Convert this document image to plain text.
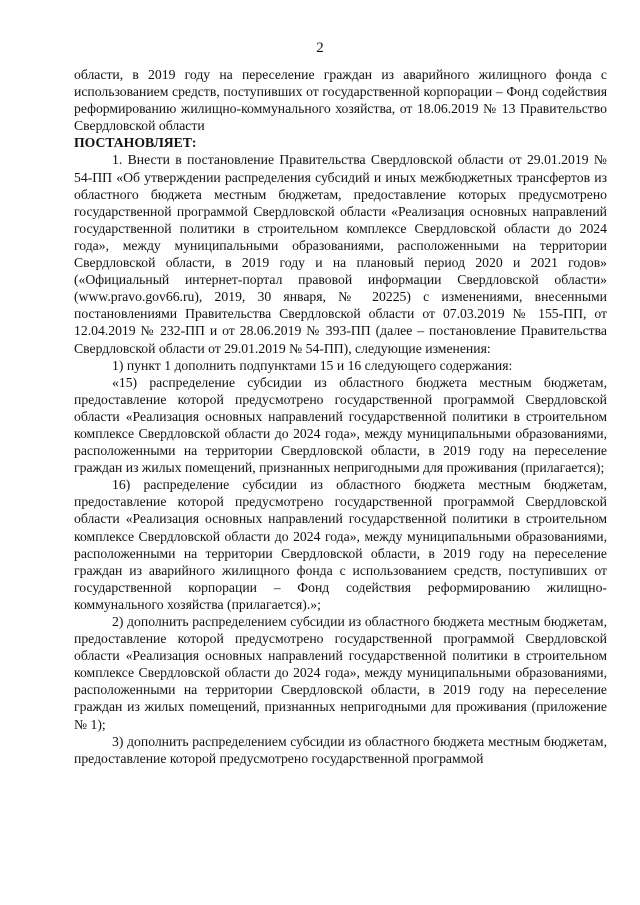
2

области, в 2019 году на переселение граждан из аварийного жилищного фонда с использованием средств, поступивших от государственной корпорации – Фонд содействия реформированию жилищно-коммунального хозяйства, от 18.06.2019 № 13 Правительство Свердловской области

ПОСТАНОВЛЯЕТ:

1. Внести в постановление Правительства Свердловской области от 29.01.2019 № 54-ПП «Об утверждении распределения субсидий и иных межбюджетных трансфертов из областного бюджета местным бюджетам, предоставление которых предусмотрено государственной программой Свердловской области «Реализация основных направлений государственной политики в строительном комплексе Свердловской области до 2024 года», между муниципальными образованиями, расположенными на территории Свердловской области, в 2019 году и на плановый период 2020 и 2021 годов» («Официальный интернет-портал правовой информации Свердловской области» (www.pravo.gov66.ru), 2019, 30 января, № 20225) с изменениями, внесенными постановлениями Правительства Свердловской области от 07.03.2019 № 155-ПП, от 12.04.2019 № 232-ПП и от 28.06.2019 № 393-ПП (далее – постановление Правительства Свердловской области от 29.01.2019 № 54-ПП), следующие изменения:

1) пункт 1 дополнить подпунктами 15 и 16 следующего содержания:

«15) распределение субсидии из областного бюджета местным бюджетам, предоставление которой предусмотрено государственной программой Свердловской области «Реализация основных направлений государственной политики в строительном комплексе Свердловской области до 2024 года», между муниципальными образованиями, расположенными на территории Свердловской области, в 2019 году на переселение граждан из жилых помещений, признанных непригодными для проживания (прилагается);

16) распределение субсидии из областного бюджета местным бюджетам, предоставление которой предусмотрено государственной программой Свердловской области «Реализация основных направлений государственной политики в строительном комплексе Свердловской области до 2024 года», между муниципальными образованиями, расположенными на территории Свердловской области, в 2019 году на переселение граждан из аварийного жилищного фонда с использованием средств, поступивших от государственной корпорации – Фонд содействия реформированию жилищно-коммунального хозяйства (прилагается).»;

2) дополнить распределением субсидии из областного бюджета местным бюджетам, предоставление которой предусмотрено государственной программой Свердловской области «Реализация основных направлений государственной политики в строительном комплексе Свердловской области до 2024 года», между муниципальными образованиями, расположенными на территории Свердловской области, в 2019 году на переселение граждан из жилых помещений, признанных непригодными для проживания (приложение № 1);

3) дополнить распределением субсидии из областного бюджета местным бюджетам, предоставление которой предусмотрено государственной программой
